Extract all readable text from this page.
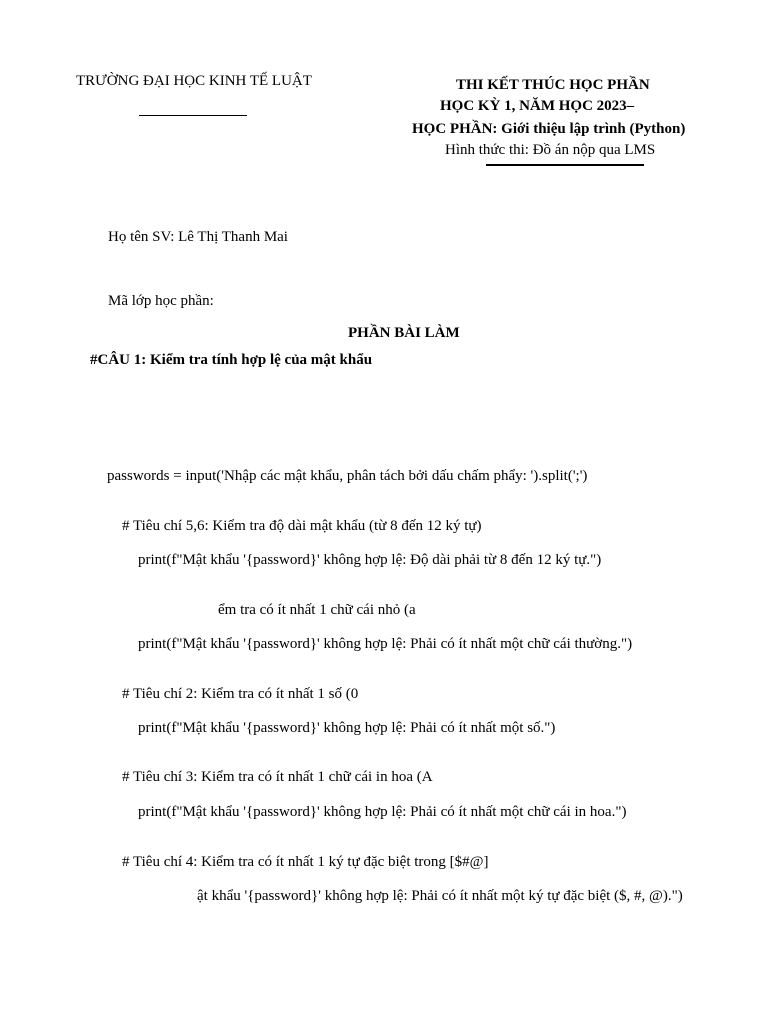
TRƯỜNG ĐẠI HỌC KINH TẾ LUẬT	THI KẾT THÚC HỌC PHẦN
HỌC KỲ 1, NĂM HỌC 2023–
HỌC PHẦN: Giới thiệu lập trình (Python)
Hình thức thi: Đồ án nộp qua LMS
Họ tên SV: Lê Thị Thanh Mai
Mã lớp học phần:
PHẦN BÀI LÀM
#CÂU 1: Kiểm tra tính hợp lệ của mật khẩu
passwords = input('Nhập các mật khẩu, phân tách bởi dấu chấm phẩy: ').split(';')
# Tiêu chí 5,6: Kiểm tra độ dài mật khẩu (từ 8 đến 12 ký tự)
print(f"Mật khẩu '{password}' không hợp lệ: Độ dài phải từ 8 đến 12 ký tự.")
ểm tra có ít nhất 1 chữ cái nhỏ (a
print(f"Mật khẩu '{password}' không hợp lệ: Phải có ít nhất một chữ cái thường.")
# Tiêu chí 2: Kiểm tra có ít nhất 1 số (0
print(f"Mật khẩu '{password}' không hợp lệ: Phải có ít nhất một số.")
# Tiêu chí 3: Kiểm tra có ít nhất 1 chữ cái in hoa (A
print(f"Mật khẩu '{password}' không hợp lệ: Phải có ít nhất một chữ cái in hoa.")
# Tiêu chí 4: Kiểm tra có ít nhất 1 ký tự đặc biệt trong [$#@]
ật khẩu '{password}' không hợp lệ: Phải có ít nhất một ký tự đặc biệt ($, #, @).")
